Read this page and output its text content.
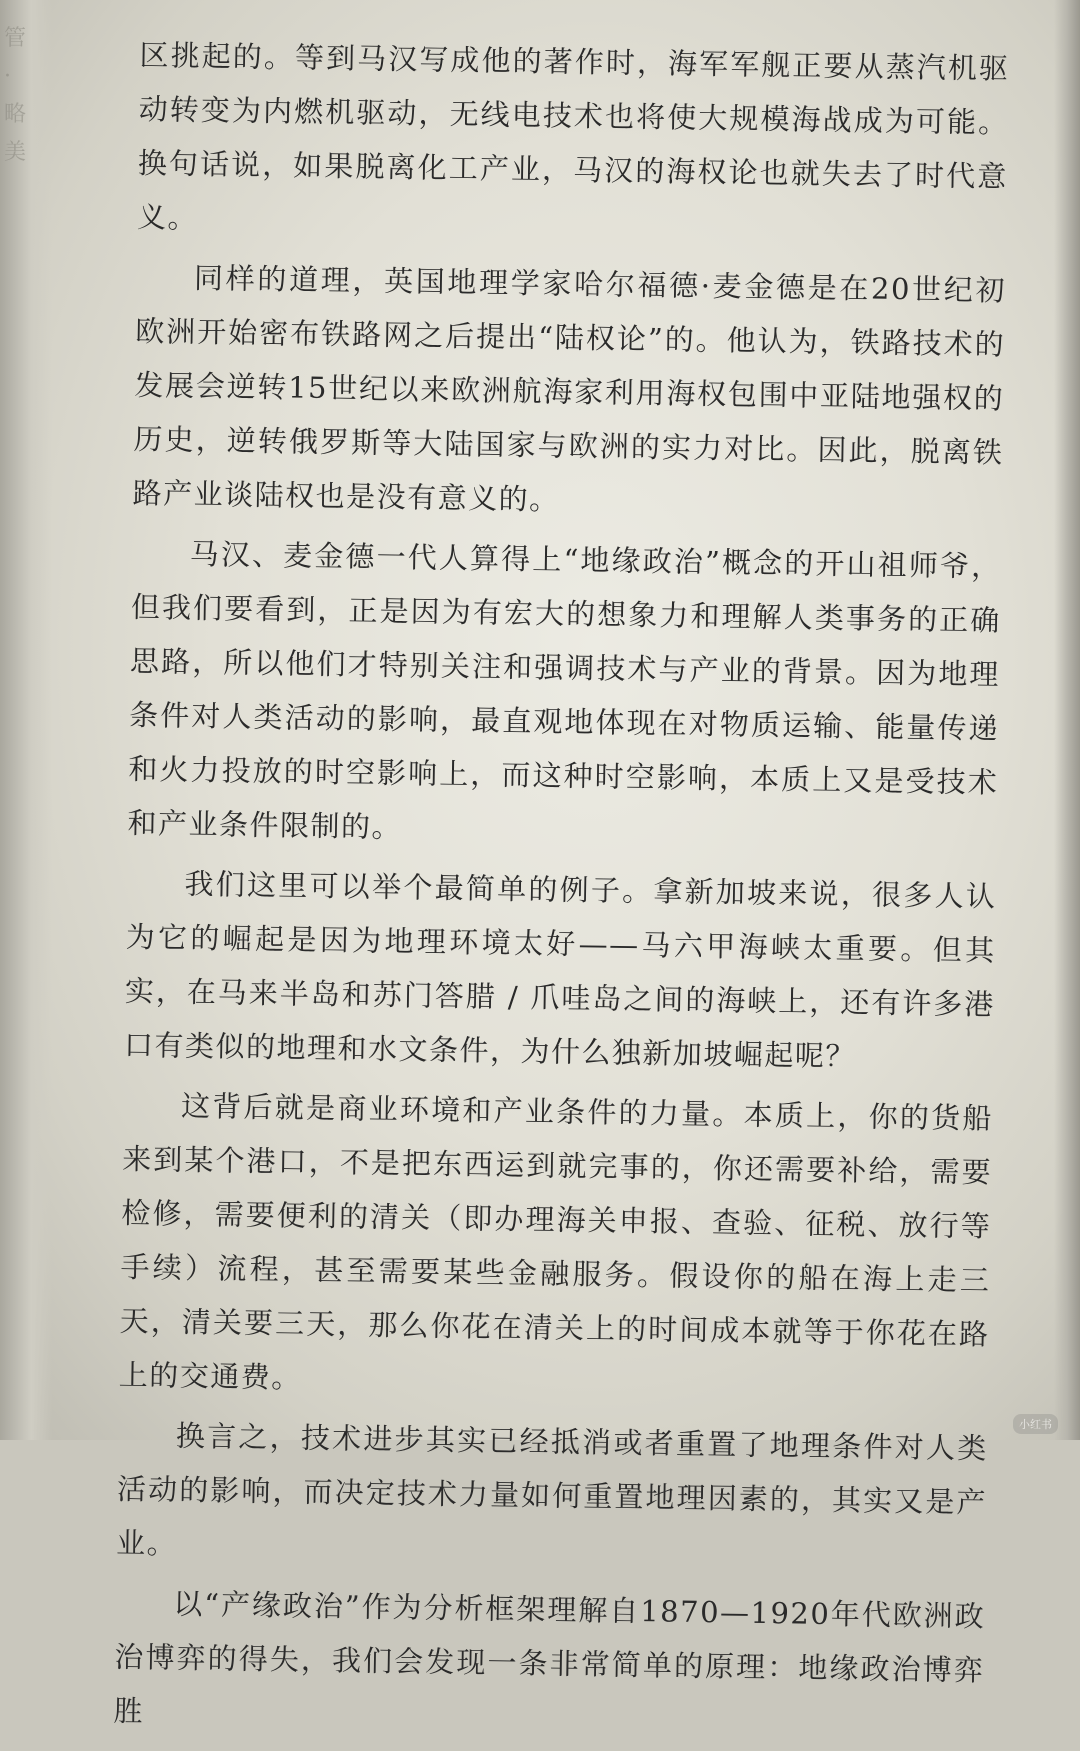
管·略美

区挑起的。等到马汉写成他的著作时，海军军舰正要从蒸汽机驱动转变为内燃机驱动，无线电技术也将使大规模海战成为可能。换句话说，如果脱离化工产业，马汉的海权论也就失去了时代意义。

同样的道理，英国地理学家哈尔福德·麦金德是在20世纪初欧洲开始密布铁路网之后提出“陆权论”的。他认为，铁路技术的发展会逆转15世纪以来欧洲航海家利用海权包围中亚陆地强权的历史，逆转俄罗斯等大陆国家与欧洲的实力对比。因此，脱离铁路产业谈陆权也是没有意义的。

马汉、麦金德一代人算得上“地缘政治”概念的开山祖师爷，但我们要看到，正是因为有宏大的想象力和理解人类事务的正确思路，所以他们才特别关注和强调技术与产业的背景。因为地理条件对人类活动的影响，最直观地体现在对物质运输、能量传递和火力投放的时空影响上，而这种时空影响，本质上又是受技术和产业条件限制的。

我们这里可以举个最简单的例子。拿新加坡来说，很多人认为它的崛起是因为地理环境太好——马六甲海峡太重要。但其实，在马来半岛和苏门答腊 / 爪哇岛之间的海峡上，还有许多港口有类似的地理和水文条件，为什么独新加坡崛起呢？

这背后就是商业环境和产业条件的力量。本质上，你的货船来到某个港口，不是把东西运到就完事的，你还需要补给，需要检修，需要便利的清关（即办理海关申报、查验、征税、放行等手续）流程，甚至需要某些金融服务。假设你的船在海上走三天，清关要三天，那么你花在清关上的时间成本就等于你花在路上的交通费。

换言之，技术进步其实已经抵消或者重置了地理条件对人类活动的影响，而决定技术力量如何重置地理因素的，其实又是产业。

以“产缘政治”作为分析框架理解自1870—1920年代欧洲政治博弈的得失，我们会发现一条非常简单的原理：地缘政治博弈胜

小红书
